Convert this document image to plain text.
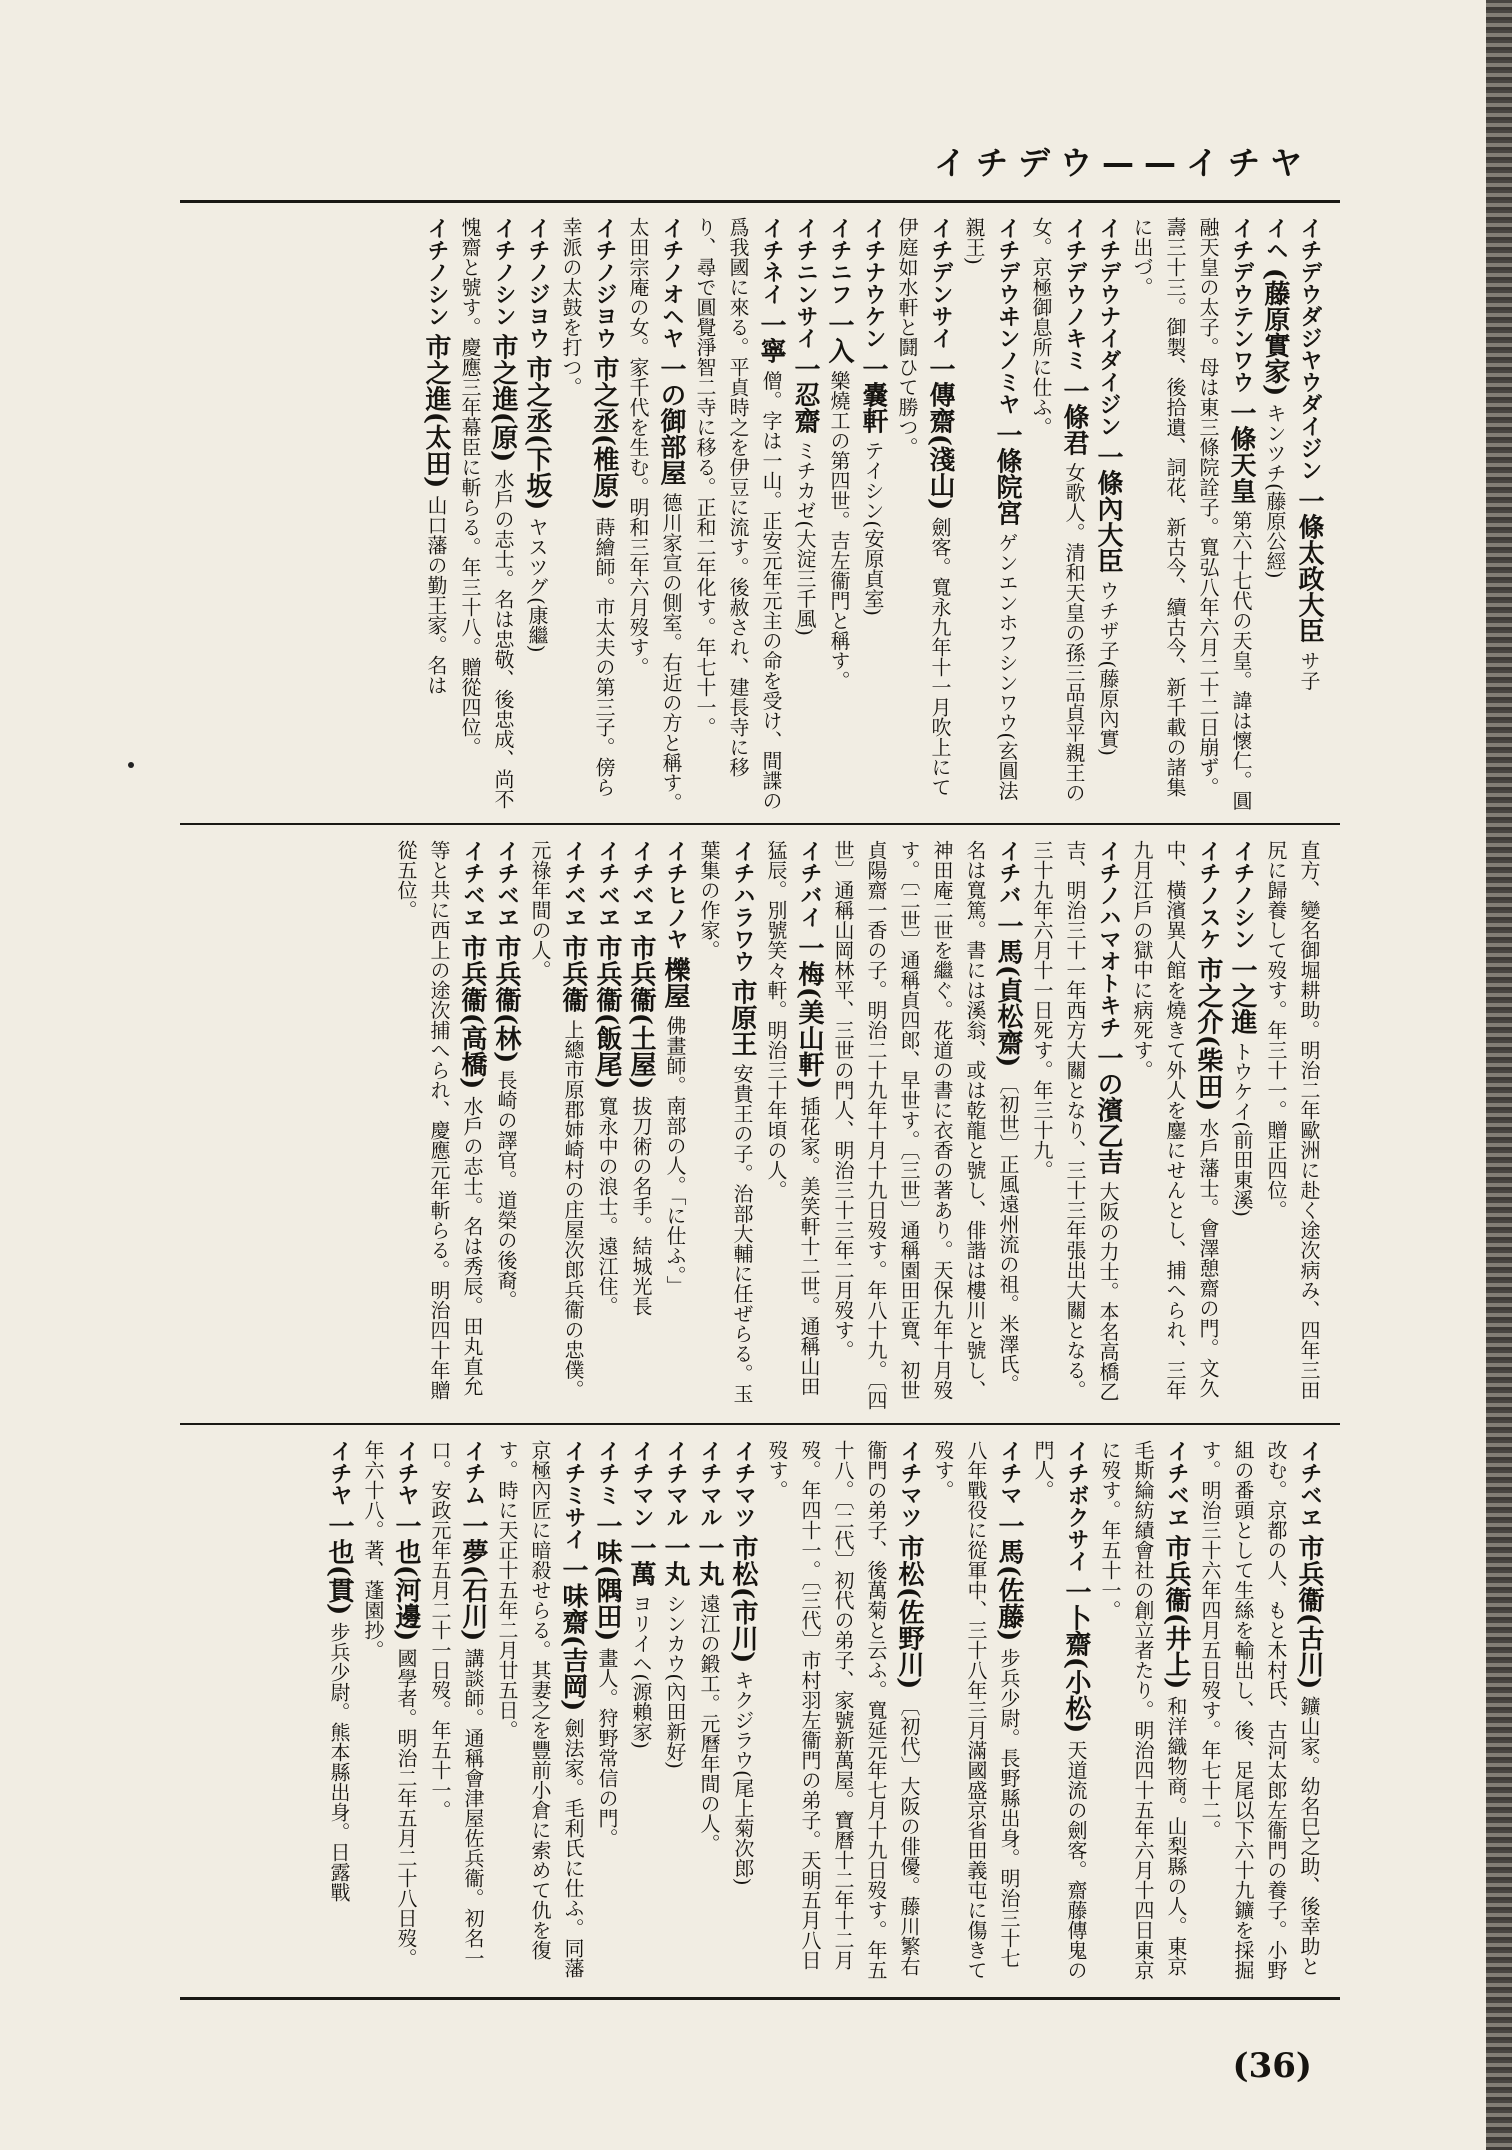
イチデウ——イチヤ

イチデウダジヤウダイジン 一條太政大臣 サ子

イヘ (藤原實家) キンツチ(藤原公經)

イチデウテンワウ 一條天皇 第六十七代の天皇。諱は懷仁。圓融天皇の太子。母は東三條院詮子。寬弘八年六月二十二日崩ず。壽三十三。御製、後拾遺、詞花、新古今、續古今、新千載の諸集に出づ。

イチデウナイダイジン 一條內大臣 ウチザ子(藤原內實)

イチデウノキミ 一條君 女歌人。清和天皇の孫三品貞平親王の女。京極御息所に仕ふ。

イチデウヰンノミヤ 一條院宮 ゲンエンホフシンワウ(玄圓法親王)

イチデンサイ 一傳齋(淺山) 劍客。寬永九年十一月吹上にて伊庭如水軒と鬪ひて勝つ。

イチナウケン 一嚢軒 テイシン(安原貞室)

イチニフ 一入 樂燒工の第四世。吉左衞門と稱す。

イチニンサイ 一忍齋 ミチカゼ(大淀三千風)

イチネイ 一寧 僧。字は一山。正安元年元主の命を受け、間諜の爲我國に來る。平貞時之を伊豆に流す。後赦され、建長寺に移り、尋で圓覺淨智二寺に移る。正和二年化す。年七十一。

イチノオヘヤ 一の御部屋 德川家宣の側室。右近の方と稱す。太田宗庵の女。家千代を生む。明和三年六月歿す。

イチノジヨウ 市之丞(椎原) 蒔繪師。市太夫の第三子。傍ら幸派の太鼓を打つ。

イチノジヨウ 市之丞(下坂) ヤスツグ(康繼)

イチノシン 市之進(原) 水戶の志士。名は忠敬、後忠成、尚不愧齋と號す。慶應三年幕臣に斬らる。年三十八。贈從四位。

イチノシン 市之進(太田) 山口藩の勤王家。名は

直方、變名御堀耕助。明治二年歐洲に赴く途次病み、四年三田尻に歸養して歿す。年三十一。贈正四位。

イチノシン 一之進 トウケイ(前田東溪)

イチノスケ 市之介(柴田) 水戶藩士。會澤憩齋の門。文久中、橫濱異人館を燒きて外人を鏖にせんとし、捕へられ、三年九月江戶の獄中に病死す。

イチノハマオトキチ 一の濱乙吉 大阪の力士。本名高橋乙吉、明治三十一年西方大關となり、三十三年張出大關となる。三十九年六月十一日死す。年三十九。

イチバ 一馬(貞松齋) 〔初世〕正風遠州流の祖。米澤氏。名は寬篤。書には溪翁、或は乾龍と號し、俳諧は樓川と號し、神田庵二世を繼ぐ。花道の書に衣香の著あり。天保九年十月歿す。〔二世〕通稱貞四郎、早世す。〔三世〕通稱園田正寬、初世貞陽齋一香の子。明治二十九年十月十九日歿す。年八十九。〔四世〕通稱山岡林平、三世の門人、明治三十三年二月歿す。

イチバイ 一梅(美山軒) 插花家。美笑軒十二世。通稱山田猛辰。別號笑々軒。明治三十年頃の人。

イチハラワウ 市原王 安貴王の子。治部大輔に任ぜらる。玉葉集の作家。

イチヒノヤ 櫟屋 佛畫師。南部の人。「に仕ふ。」

イチベヱ 市兵衞(土屋) 拔刀術の名手。結城光長

イチベヱ 市兵衞(飯尾) 寬永中の浪士。遠江住。

イチベヱ 市兵衞 上總市原郡姉崎村の庄屋次郎兵衞の忠僕。元祿年間の人。

イチベヱ 市兵衞(林) 長崎の譯官。道榮の後裔。

イチベヱ 市兵衞(高橋) 水戶の志士。名は秀辰。田丸直允等と共に西上の途次捕へられ、慶應元年斬らる。明治四十年贈從五位。

イチベヱ 市兵衞(古川) 鑛山家。幼名巳之助、後幸助と改む。京都の人、もと木村氏、古河太郎左衞門の養子。小野組の番頭として生絲を輸出し、後、足尾以下六十九鑛を採掘す。明治三十六年四月五日歿す。年七十二。

イチベヱ 市兵衞(井上) 和洋織物商。山梨縣の人。東京毛斯綸紡績會社の創立者たり。明治四十五年六月十四日東京に歿す。年五十一。

イチボクサイ 一卜齋(小松) 天道流の劍客。齋藤傳鬼の門人。

イチマ 一馬(佐藤) 步兵少尉。長野縣出身。明治三十七八年戰役に從軍中、三十八年三月滿國盛京省田義屯に傷きて歿す。

イチマツ 市松(佐野川) 〔初代〕大阪の俳優。藤川繁右衞門の弟子、後萬菊と云ふ。寬延元年七月十九日歿す。年五十八。〔二代〕初代の弟子、家號新萬屋。寶曆十二年十二月歿。年四十一。〔三代〕市村羽左衞門の弟子。天明五月八日歿す。

イチマツ 市松(市川) キクジラウ(尾上菊次郎)

イチマル 一丸 遠江の鍛工。元曆年間の人。

イチマル 一丸 シンカウ(內田新好)

イチマン 一萬 ヨリイヘ(源賴家)

イチミ 一味(隅田) 畫人。狩野常信の門。

イチミサイ 一味齋(吉岡) 劍法家。毛利氏に仕ふ。同藩京極內匠に暗殺せらる。其妻之を豐前小倉に索めて仇を復す。時に天正十五年二月廿五日。

イチム 一夢(石川) 講談師。通稱會津屋佐兵衞。初名一口。安政元年五月二十一日歿。年五十一。

イチヤ 一也(河邊) 國學者。明治二年五月二十八日歿。年六十八。著、蓬園抄。

イチヤ 一也(貫) 步兵少尉。熊本縣出身。日露戰

(36)
